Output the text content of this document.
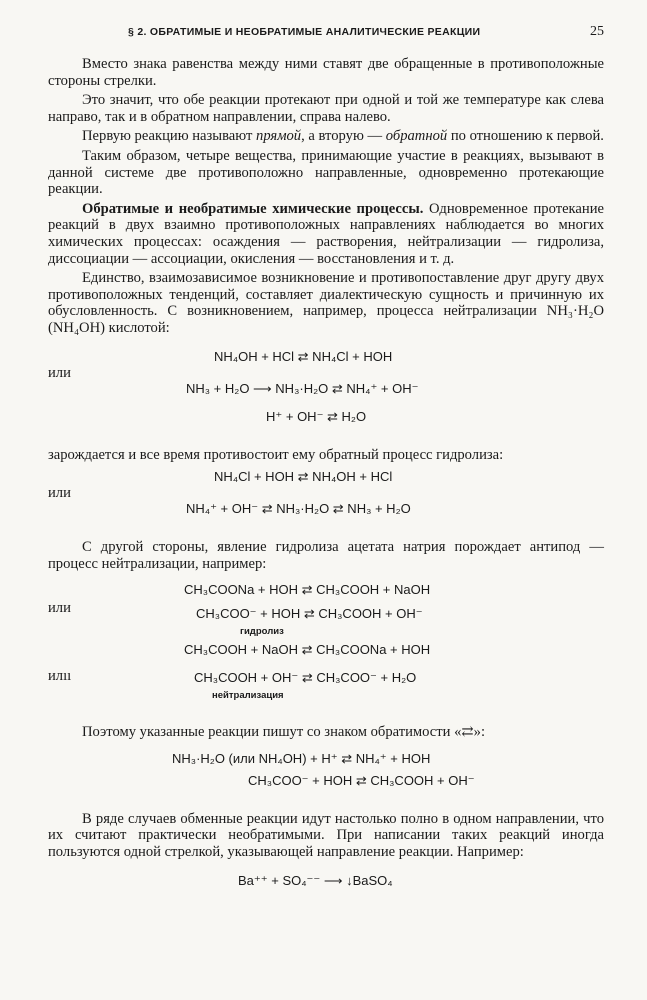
§ 2. ОБРАТИМЫЕ И НЕОБРАТИМЫЕ АНАЛИТИЧЕСКИЕ РЕАКЦИИ	25

Вместо знака равенства между ними ставят две обращенные в противоположные стороны стрелки.

Это значит, что обе реакции протекают при одной и той же температуре как слева направо, так и в обратном направлении, справа налево.

Первую реакцию называют прямой, а вторую — обратной по отношению к первой.

Таким образом, четыре вещества, принимающие участие в реакциях, вызывают в данной системе две противоположно направленные, одновременно протекающие реакции.

Обратимые и необратимые химические процессы. Одновременное протекание реакций в двух взаимно противоположных направлениях наблюдается во многих химических процессах: осаждения — растворения, нейтрализации — гидролиза, диссоциации — ассоциации, окисления — восстановления и т. д.

Единство, взаимозависимое возникновение и противопоставление друг другу двух противоположных тенденций, составляет диалектическую сущность и причинную их обусловленность. С возникновением, например, процесса нейтрализации NH₃·H₂O (NH₄OH) кислотой:

NH₄OH + HCl ⇄ NH₄Cl + HOH
или
NH₃ + H₂O ⟶ NH₃·H₂O ⇄ NH₄⁺ + OH⁻
H⁺ + OH⁻ ⇄ H₂O

зарождается и все время противостоит ему обратный процесс гидролиза:

NH₄Cl + HOH ⇄ NH₄OH + HCl
или
NH₄⁺ + OH⁻ ⇄ NH₃·H₂O ⇄ NH₃ + H₂O

С другой стороны, явление гидролиза ацетата натрия порождает антипод — процесс нейтрализации, например:

CH₃COONa + HOH ⇄ CH₃COOH + NaOH
или	CH₃COO⁻ + HOH ⇄ CH₃COOH + OH⁻
гидролиз
CH₃COOH + NaOH ⇄ CH₃COONa + HOH
илıı	CH₃COOH + OH⁻ ⇄ CH₃COO⁻ + H₂O
нейтрализация

Поэтому указанные реакции пишут со знаком обратимости «⇄»:

NH₃·H₂O (или NH₄OH) + H⁺ ⇄ NH₄⁺ + HOH
CH₃COO⁻ + HOH ⇄ CH₃COOH + OH⁻

В ряде случаев обменные реакции идут настолько полно в одном направлении, что их считают практически необратимыми. При написании таких реакций иногда пользуются одной стрелкой, указывающей направление реакции. Например:

Ba⁺⁺ + SO₄⁻⁻ ⟶ ↓BaSO₄
